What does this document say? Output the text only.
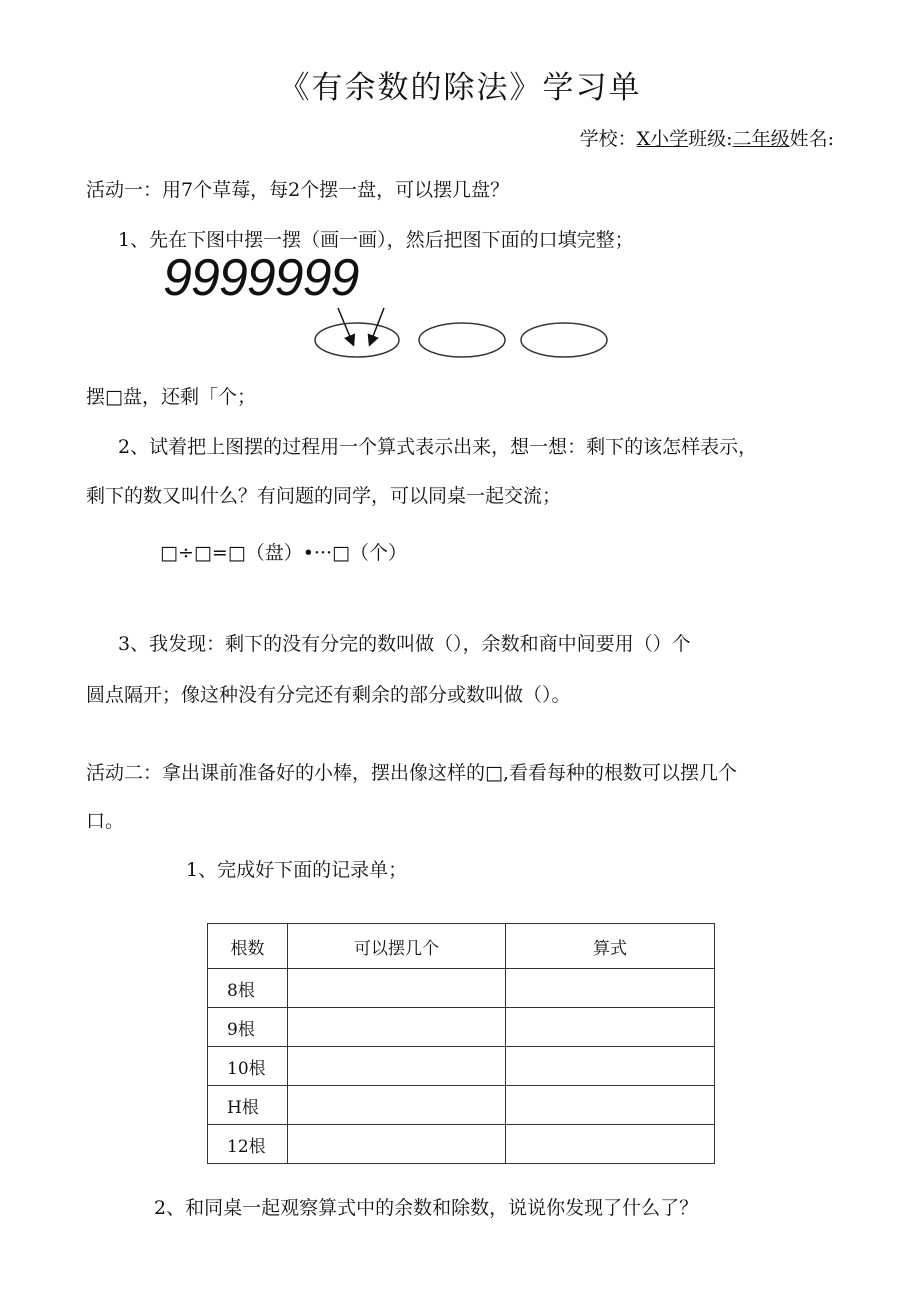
《有余数的除法》学习单
学校：X小学班级:二年级姓名:
活动一：用7个草莓，每2个摆一盘，可以摆几盘？
1、先在下图中摆一摆（画一画），然后把图下面的口填完整；
9999999
摆□盘，还剩「个；
2、试着把上图摆的过程用一个算式表示出来，想一想：剩下的该怎样表示，
剩下的数又叫什么？有问题的同学，可以同桌一起交流；
□÷□=□（盘）•···□（个）
3、我发现：剩下的没有分完的数叫做（），余数和商中间要用（）个
圆点隔开；像这种没有分完还有剩余的部分或数叫做（）。
活动二：拿出课前准备好的小棒，摆出像这样的□,看看每种的根数可以摆几个
口。
1、完成好下面的记录单；
根数	可以摆几个	算式
8根		
9根		
10根		
H根		
12根		
2、和同桌一起观察算式中的余数和除数，说说你发现了什么了？
